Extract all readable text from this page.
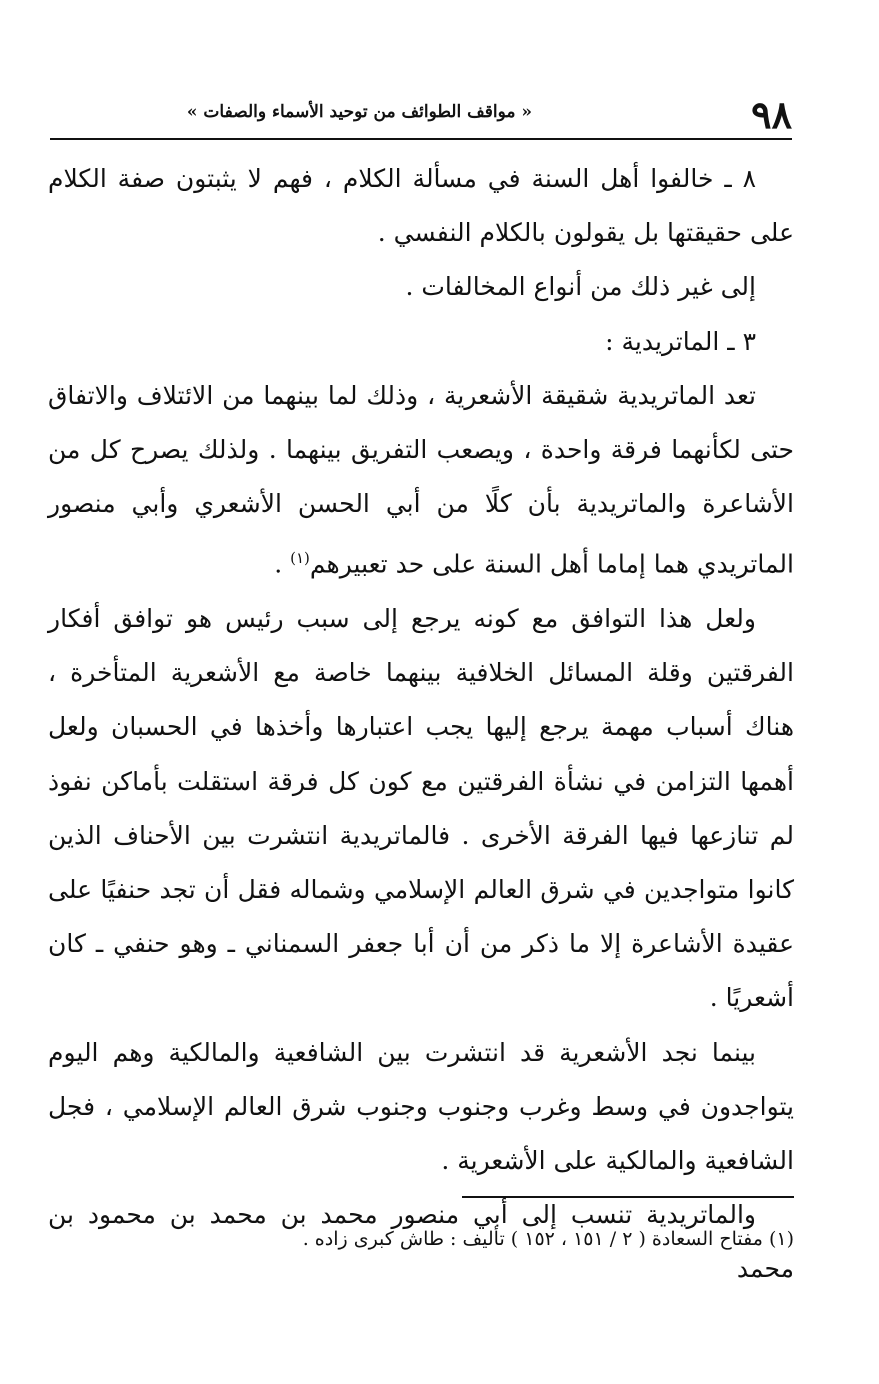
٩٨
« مواقف الطوائف من توحيد الأسماء والصفات »

٨ ـ خالفوا أهل السنة في مسألة الكلام ، فهم لا يثبتون صفة الكلام على حقيقتها بل يقولون بالكلام النفسي .

إلى غير ذلك من أنواع المخالفات .

٣ ـ الماتريدية :

تعد الماتريدية شقيقة الأشعرية ، وذلك لما بينهما من الائتلاف والاتفاق حتى لكأنهما فرقة واحدة ، ويصعب التفريق بينهما . ولذلك يصرح كل من الأشاعرة والماتريدية بأن كلًا من أبي الحسن الأشعري وأبي منصور الماتريدي هما إماما أهل السنة على حد تعبيرهم$^{(١)}$ .

ولعل هذا التوافق مع كونه يرجع إلى سبب رئيس هو توافق أفكار الفرقتين وقلة المسائل الخلافية بينهما خاصة مع الأشعرية المتأخرة ، هناك أسباب مهمة يرجع إليها يجب اعتبارها وأخذها في الحسبان ولعل أهمها التزامن في نشأة الفرقتين مع كون كل فرقة استقلت بأماكن نفوذ لم تنازعها فيها الفرقة الأخرى . فالماتريدية انتشرت بين الأحناف الذين كانوا متواجدين في شرق العالم الإسلامي وشماله فقل أن تجد حنفيًا على عقيدة الأشاعرة إلا ما ذكر من أن أبا جعفر السمناني ـ وهو حنفي ـ كان أشعريًا .

بينما نجد الأشعرية قد انتشرت بين الشافعية والمالكية وهم اليوم يتواجدون في وسط وغرب وجنوب وجنوب شرق العالم الإسلامي ، فجل الشافعية والمالكية على الأشعرية .

والماتريدية تنسب إلى أبي منصور محمد بن محمد بن محمود بن محمد

(١) مفتاح السعادة ( ٢ / ١٥١ ، ١٥٢ ) تأليف : طاش كبرى زاده .
